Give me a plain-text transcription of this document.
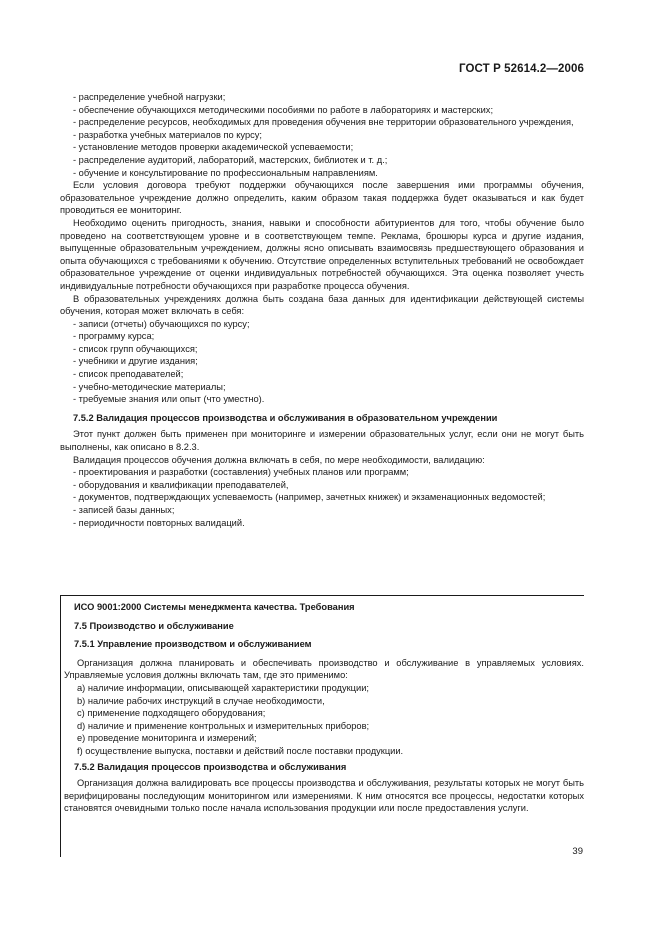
ГОСТ Р 52614.2—2006

- распределение учебной нагрузки;

- обеспечение обучающихся методическими пособиями по работе в лабораториях и мастерских;

- распределение ресурсов, необходимых для проведения обучения вне территории образовательного учреждения,

- разработка учебных материалов по курсу;

- установление методов проверки академической успеваемости;

- распределение аудиторий, лабораторий, мастерских, библиотек и т. д.;

- обучение и консультирование по профессиональным направлениям.

Если условия договора требуют поддержки обучающихся после завершения ими программы обучения, образовательное учреждение должно определить, каким образом такая поддержка будет оказываться и как будет проводиться ее мониторинг.

Необходимо оценить пригодность, знания, навыки и способности абитуриентов для того, чтобы обучение было проведено на соответствующем уровне и в соответствующем темпе. Реклама, брошюры курса и другие издания, выпущенные образовательным учреждением, должны ясно описывать взаимосвязь предшествующего образования и опыта обучающихся с требованиями к обучению. Отсутствие определенных вступительных требований не освобождает образовательное учреждение от оценки индивидуальных потребностей обучающихся. Эта оценка позволяет учесть индивидуальные потребности обучающихся при разработке процесса обучения.

В образовательных учреждениях должна быть создана база данных для идентификации действующей системы обучения, которая может включать в себя:

- записи (отчеты) обучающихся по курсу;

- программу курса;

- список групп обучающихся;

- учебники и другие издания;

- список преподавателей;

- учебно-методические материалы;

- требуемые знания или опыт (что уместно).

7.5.2 Валидация процессов производства и обслуживания в образовательном учреждении

Этот пункт должен быть применен при мониторинге и измерении образовательных услуг, если они не могут быть выполнены, как описано в 8.2.3.

Валидация процессов обучения должна включать в себя, по мере необходимости, валидацию:

- проектирования и разработки (составления) учебных планов или программ;

- оборудования и квалификации преподавателей,

- документов, подтверждающих успеваемость (например, зачетных книжек) и экзаменационных ведомостей;

- записей базы данных;

- периодичности повторных валидаций.

ИСО 9001:2000 Системы менеджмента качества. Требования

7.5 Производство и обслуживание

7.5.1 Управление производством и обслуживанием

Организация должна планировать и обеспечивать производство и обслуживание в управляемых условиях. Управляемые условия должны включать там, где это применимо:

a) наличие информации, описывающей характеристики продукции;

b) наличие рабочих инструкций в случае необходимости,

c) применение подходящего оборудования;

d) наличие и применение контрольных и измерительных приборов;

e) проведение мониторинга и измерений;

f) осуществление выпуска, поставки и действий после поставки продукции.

7.5.2 Валидация процессов производства и обслуживания

Организация должна валидировать все процессы производства и обслуживания, результаты которых не могут быть верифицированы последующим мониторингом или измерениями. К ним относятся все процессы, недостатки которых становятся очевидными только после начала использования продукции или после предоставления услуги.

39
